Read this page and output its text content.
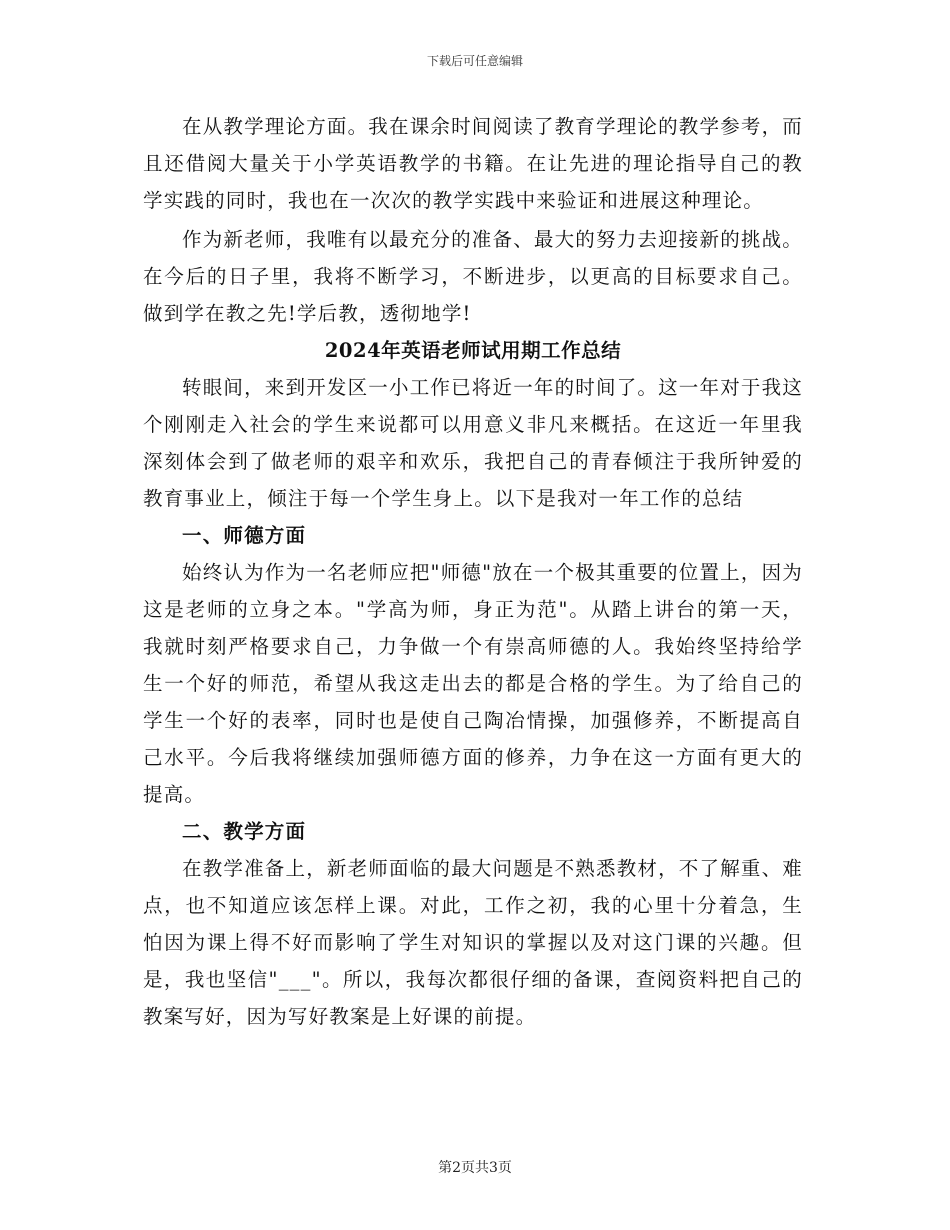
下载后可任意编辑

在从教学理论方面。我在课余时间阅读了教育学理论的教学参考，而且还借阅大量关于小学英语教学的书籍。在让先进的理论指导自己的教学实践的同时，我也在一次次的教学实践中来验证和进展这种理论。

作为新老师，我唯有以最充分的准备、最大的努力去迎接新的挑战。在今后的日子里，我将不断学习，不断进步，以更高的目标要求自己。做到学在教之先!学后教，透彻地学!

2024年英语老师试用期工作总结

转眼间，来到开发区一小工作已将近一年的时间了。这一年对于我这个刚刚走入社会的学生来说都可以用意义非凡来概括。在这近一年里我深刻体会到了做老师的艰辛和欢乐，我把自己的青春倾注于我所钟爱的教育事业上，倾注于每一个学生身上。以下是我对一年工作的总结

一、师德方面

始终认为作为一名老师应把"师德"放在一个极其重要的位置上，因为这是老师的立身之本。"学高为师，身正为范"。从踏上讲台的第一天，我就时刻严格要求自己，力争做一个有崇高师德的人。我始终坚持给学生一个好的师范，希望从我这走出去的都是合格的学生。为了给自己的学生一个好的表率，同时也是使自己陶冶情操，加强修养，不断提高自己水平。今后我将继续加强师德方面的修养，力争在这一方面有更大的提高。

二、教学方面

在教学准备上，新老师面临的最大问题是不熟悉教材，不了解重、难点，也不知道应该怎样上课。对此，工作之初，我的心里十分着急，生怕因为课上得不好而影响了学生对知识的掌握以及对这门课的兴趣。但是，我也坚信"___"。所以，我每次都很仔细的备课，查阅资料把自己的教案写好，因为写好教案是上好课的前提。

第2页共3页
